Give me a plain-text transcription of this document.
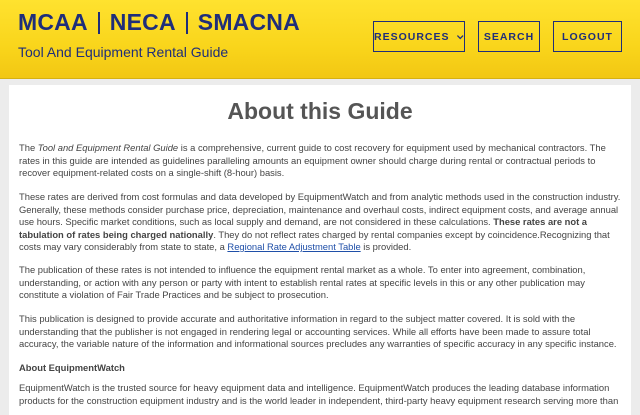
MCAA NECA SMACNA
Tool And Equipment Rental Guide
RESOURCES	SEARCH	LOGOUT
About this Guide

The Tool and Equipment Rental Guide is a comprehensive, current guide to cost recovery for equipment used by mechanical contractors. The rates in this guide are intended as guidelines paralleling amounts an equipment owner should charge during rental or contractual periods to recover equipment-related costs on a single-shift (8-hour) basis.

These rates are derived from cost formulas and data developed by EquipmentWatch and from analytic methods used in the construction industry. Generally, these methods consider purchase price, depreciation, maintenance and overhaul costs, indirect equipment costs, and average annual use hours. Specific market conditions, such as local supply and demand, are not considered in these calculations. These rates are not a tabulation of rates being charged nationally. They do not reflect rates charged by rental companies except by coincidence.Recognizing that costs may vary considerably from state to state, a Regional Rate Adjustment Table is provided.

The publication of these rates is not intended to influence the equipment rental market as a whole. To enter into agreement, combination, understanding, or action with any person or party with intent to establish rental rates at specific levels in this or any other publication may constitute a violation of Fair Trade Practices and be subject to prosecution.

This publication is designed to provide accurate and authoritative information in regard to the subject matter covered. It is sold with the understanding that the publisher is not engaged in rendering legal or accounting services. While all efforts have been made to assure total accuracy, the variable nature of the information and informational sources precludes any warranties of specific accuracy in any specific instance.

About EquipmentWatch

EquipmentWatch is the trusted source for heavy equipment data and intelligence. EquipmentWatch produces the leading database information products for the construction equipment industry and is the world leader in independent, third-party heavy equipment research serving more than
